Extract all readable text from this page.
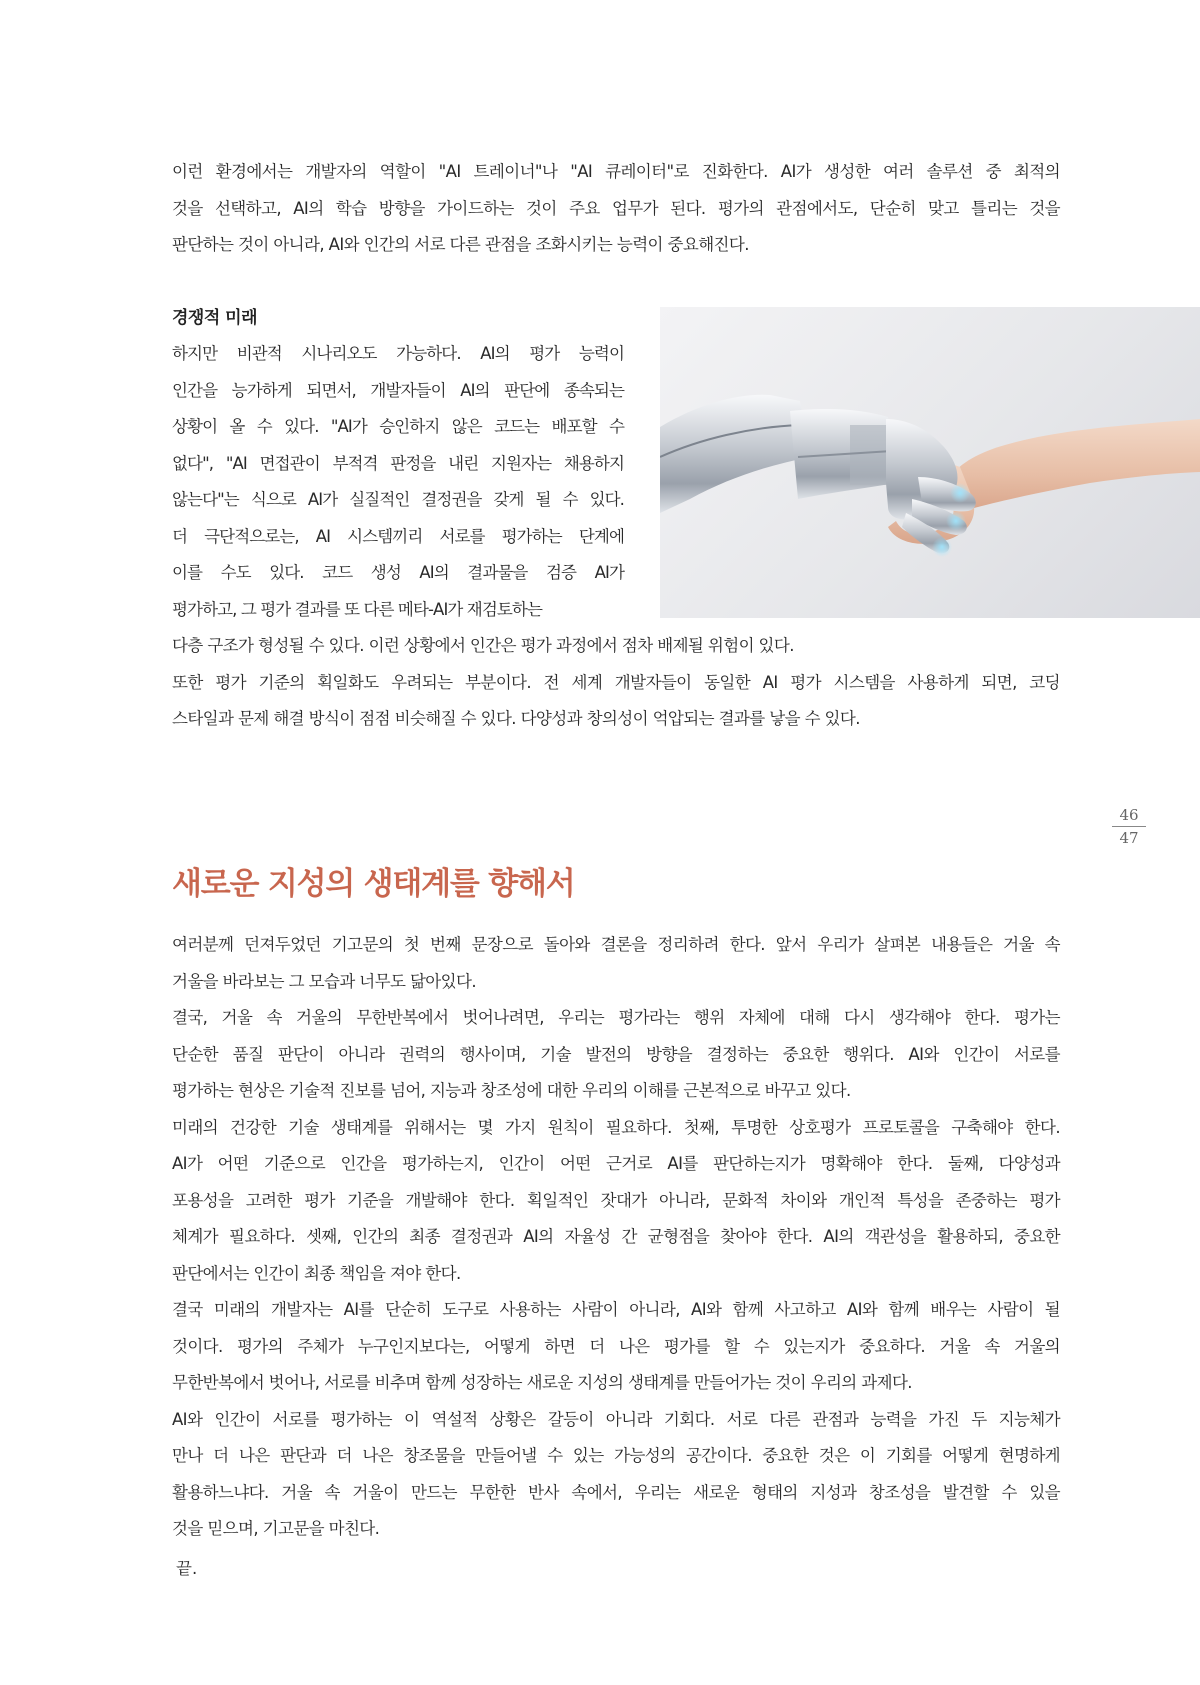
이런 환경에서는 개발자의 역할이 "AI 트레이너"나 "AI 큐레이터"로 진화한다. AI가 생성한 여러 솔루션 중 최적의

것을 선택하고, AI의 학습 방향을 가이드하는 것이 주요 업무가 된다. 평가의 관점에서도, 단순히 맞고 틀리는 것을

판단하는 것이 아니라, AI와 인간의 서로 다른 관점을 조화시키는 능력이 중요해진다.

경쟁적 미래

하지만 비관적 시나리오도 가능하다. AI의 평가 능력이

인간을 능가하게 되면서, 개발자들이 AI의 판단에 종속되는

상황이 올 수 있다. "AI가 승인하지 않은 코드는 배포할 수

없다", "AI 면접관이 부적격 판정을 내린 지원자는 채용하지

않는다"는 식으로 AI가 실질적인 결정권을 갖게 될 수 있다.

더 극단적으로는, AI 시스템끼리 서로를 평가하는 단계에

이를 수도 있다. 코드 생성 AI의 결과물을 검증 AI가

평가하고, 그 평가 결과를 또 다른 메타-AI가 재검토하는

다층 구조가 형성될 수 있다. 이런 상황에서 인간은 평가 과정에서 점차 배제될 위험이 있다.

또한 평가 기준의 획일화도 우려되는 부분이다. 전 세계 개발자들이 동일한 AI 평가 시스템을 사용하게 되면, 코딩

스타일과 문제 해결 방식이 점점 비슷해질 수 있다. 다양성과 창의성이 억압되는 결과를 낳을 수 있다.

46
47
새로운 지성의 생태계를 향해서

여러분께 던져두었던 기고문의 첫 번째 문장으로 돌아와 결론을 정리하려 한다. 앞서 우리가 살펴본 내용들은 거울 속

거울을 바라보는 그 모습과 너무도 닮아있다.

결국, 거울 속 거울의 무한반복에서 벗어나려면, 우리는 평가라는 행위 자체에 대해 다시 생각해야 한다. 평가는

단순한 품질 판단이 아니라 권력의 행사이며, 기술 발전의 방향을 결정하는 중요한 행위다. AI와 인간이 서로를

평가하는 현상은 기술적 진보를 넘어, 지능과 창조성에 대한 우리의 이해를 근본적으로 바꾸고 있다.

미래의 건강한 기술 생태계를 위해서는 몇 가지 원칙이 필요하다. 첫째, 투명한 상호평가 프로토콜을 구축해야 한다.

AI가 어떤 기준으로 인간을 평가하는지, 인간이 어떤 근거로 AI를 판단하는지가 명확해야 한다. 둘째, 다양성과

포용성을 고려한 평가 기준을 개발해야 한다. 획일적인 잣대가 아니라, 문화적 차이와 개인적 특성을 존중하는 평가

체계가 필요하다. 셋째, 인간의 최종 결정권과 AI의 자율성 간 균형점을 찾아야 한다. AI의 객관성을 활용하되, 중요한

판단에서는 인간이 최종 책임을 져야 한다.

결국 미래의 개발자는 AI를 단순히 도구로 사용하는 사람이 아니라, AI와 함께 사고하고 AI와 함께 배우는 사람이 될

것이다. 평가의 주체가 누구인지보다는, 어떻게 하면 더 나은 평가를 할 수 있는지가 중요하다. 거울 속 거울의

무한반복에서 벗어나, 서로를 비추며 함께 성장하는 새로운 지성의 생태계를 만들어가는 것이 우리의 과제다.

AI와 인간이 서로를 평가하는 이 역설적 상황은 갈등이 아니라 기회다. 서로 다른 관점과 능력을 가진 두 지능체가

만나 더 나은 판단과 더 나은 창조물을 만들어낼 수 있는 가능성의 공간이다. 중요한 것은 이 기회를 어떻게 현명하게

활용하느냐다. 거울 속 거울이 만드는 무한한 반사 속에서, 우리는 새로운 형태의 지성과 창조성을 발견할 수 있을

것을 믿으며, 기고문을 마친다.

끝.
